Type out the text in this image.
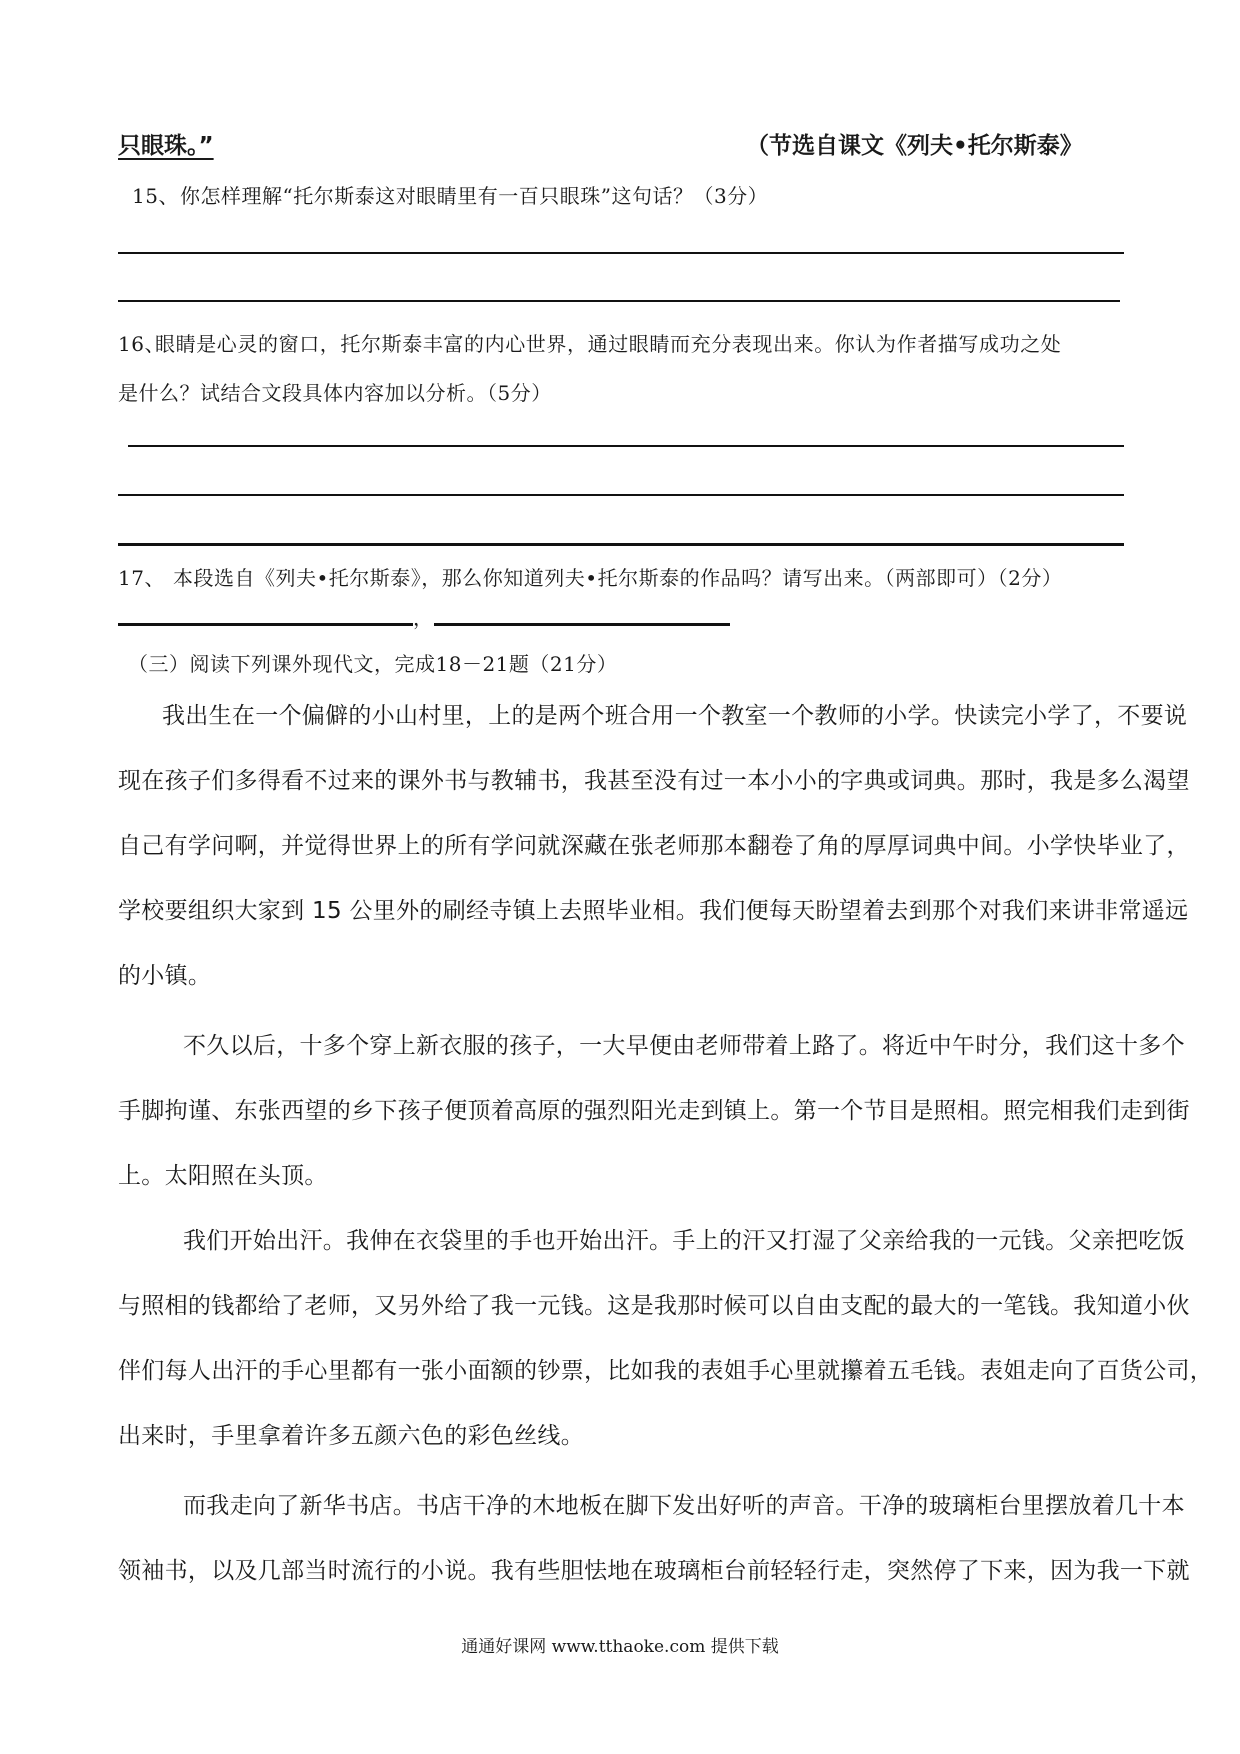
只眼珠。”	（节选自课文《列夫•托尔斯泰》
15、 你怎样理解“托尔斯泰这对眼睛里有一百只眼珠”这句话？（3分）
16、
眼睛是心灵的窗口，托尔斯泰丰富的内心世界，通过眼睛而充分表现出来。你认为作者描写成功之处
是什么？试结合文段具体内容加以分析。（5分）
17、 本段选自《列夫•托尔斯泰》，那么你知道列夫•托尔斯泰的作品吗？请写出来。（两部即可）（2分）
，
（三）阅读下列课外现代文，完成18－21题（21分）
我出生在一个偏僻的小山村里，上的是两个班合用一个教室一个教师的小学。快读完小学了，不要说
现在孩子们多得看不过来的课外书与教辅书，我甚至没有过一本小小的字典或词典。那时，我是多么渴望
自己有学问啊，并觉得世界上的所有学问就深藏在张老师那本翻卷了角的厚厚词典中间。小学快毕业了，
学校要组织大家到 15 公里外的刷经寺镇上去照毕业相。我们便每天盼望着去到那个对我们来讲非常遥远
的小镇。
不久以后，十多个穿上新衣服的孩子，一大早便由老师带着上路了。将近中午时分，我们这十多个
手脚拘谨、东张西望的乡下孩子便顶着高原的强烈阳光走到镇上。第一个节目是照相。照完相我们走到街
上。太阳照在头顶。
我们开始出汗。我伸在衣袋里的手也开始出汗。手上的汗又打湿了父亲给我的一元钱。父亲把吃饭
与照相的钱都给了老师，又另外给了我一元钱。这是我那时候可以自由支配的最大的一笔钱。我知道小伙
伴们每人出汗的手心里都有一张小面额的钞票，比如我的表姐手心里就攥着五毛钱。表姐走向了百货公司，
出来时，手里拿着许多五颜六色的彩色丝线。
而我走向了新华书店。书店干净的木地板在脚下发出好听的声音。干净的玻璃柜台里摆放着几十本
领袖书，以及几部当时流行的小说。我有些胆怯地在玻璃柜台前轻轻行走，突然停了下来，因为我一下就
通通好课网 www.tthaoke.com 提供下载
